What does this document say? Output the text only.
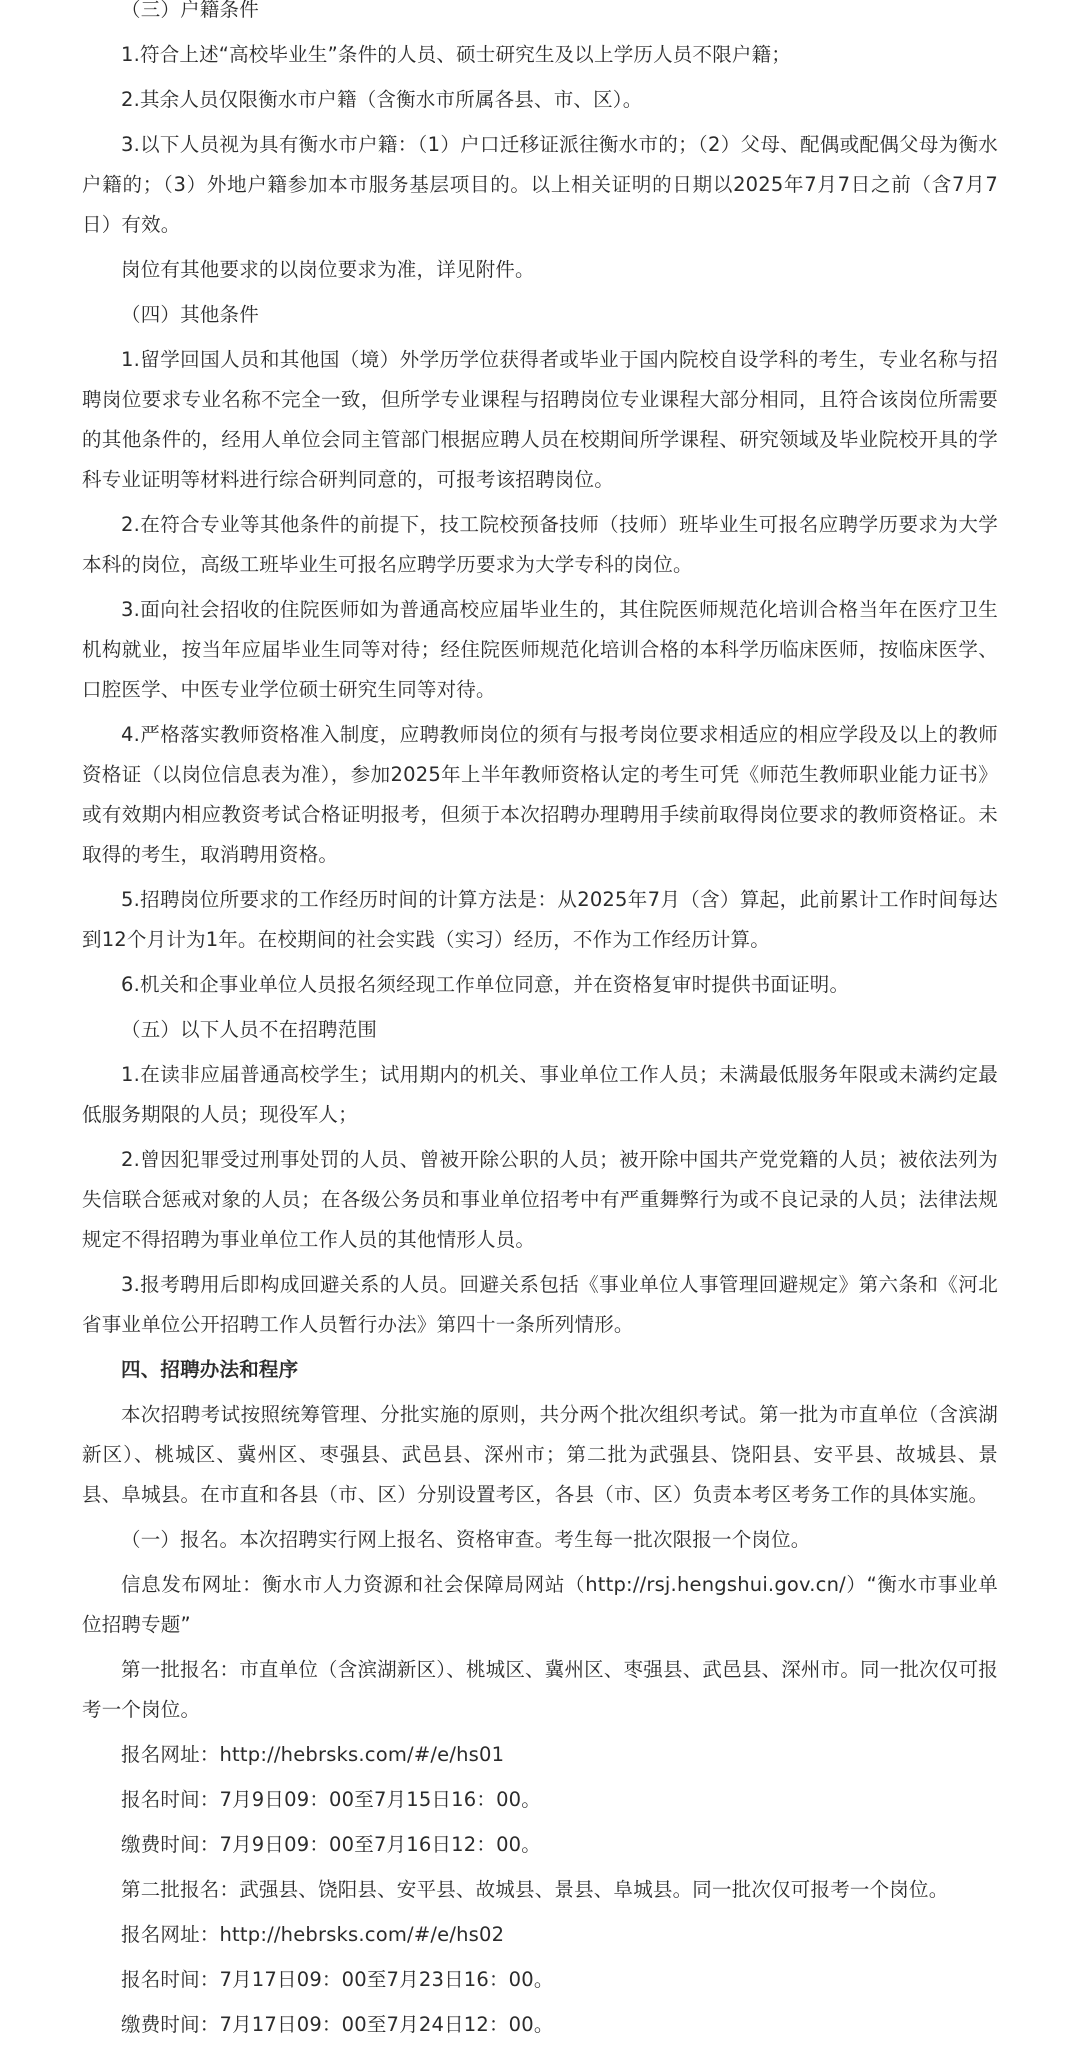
（三）户籍条件

1.符合上述“高校毕业生”条件的人员、硕士研究生及以上学历人员不限户籍；

2.其余人员仅限衡水市户籍（含衡水市所属各县、市、区）。

3.以下人员视为具有衡水市户籍：（1）户口迁移证派往衡水市的；（2）父母、配偶或配偶父母为衡水户籍的；（3）外地户籍参加本市服务基层项目的。以上相关证明的日期以2025年7月7日之前（含7月7日）有效。

岗位有其他要求的以岗位要求为准，详见附件。

（四）其他条件

1.留学回国人员和其他国（境）外学历学位获得者或毕业于国内院校自设学科的考生，专业名称与招聘岗位要求专业名称不完全一致，但所学专业课程与招聘岗位专业课程大部分相同，且符合该岗位所需要的其他条件的，经用人单位会同主管部门根据应聘人员在校期间所学课程、研究领域及毕业院校开具的学科专业证明等材料进行综合研判同意的，可报考该招聘岗位。

2.在符合专业等其他条件的前提下，技工院校预备技师（技师）班毕业生可报名应聘学历要求为大学本科的岗位，高级工班毕业生可报名应聘学历要求为大学专科的岗位。

3.面向社会招收的住院医师如为普通高校应届毕业生的，其住院医师规范化培训合格当年在医疗卫生机构就业，按当年应届毕业生同等对待；经住院医师规范化培训合格的本科学历临床医师，按临床医学、口腔医学、中医专业学位硕士研究生同等对待。

4.严格落实教师资格准入制度，应聘教师岗位的须有与报考岗位要求相适应的相应学段及以上的教师资格证（以岗位信息表为准），参加2025年上半年教师资格认定的考生可凭《师范生教师职业能力证书》或有效期内相应教资考试合格证明报考，但须于本次招聘办理聘用手续前取得岗位要求的教师资格证。未取得的考生，取消聘用资格。

5.招聘岗位所要求的工作经历时间的计算方法是：从2025年7月（含）算起，此前累计工作时间每达到12个月计为1年。在校期间的社会实践（实习）经历，不作为工作经历计算。

6.机关和企事业单位人员报名须经现工作单位同意，并在资格复审时提供书面证明。

（五）以下人员不在招聘范围

1.在读非应届普通高校学生；试用期内的机关、事业单位工作人员；未满最低服务年限或未满约定最低服务期限的人员；现役军人；

2.曾因犯罪受过刑事处罚的人员、曾被开除公职的人员；被开除中国共产党党籍的人员；被依法列为失信联合惩戒对象的人员；在各级公务员和事业单位招考中有严重舞弊行为或不良记录的人员；法律法规规定不得招聘为事业单位工作人员的其他情形人员。

3.报考聘用后即构成回避关系的人员。回避关系包括《事业单位人事管理回避规定》第六条和《河北省事业单位公开招聘工作人员暂行办法》第四十一条所列情形。

四、招聘办法和程序

本次招聘考试按照统筹管理、分批实施的原则，共分两个批次组织考试。第一批为市直单位（含滨湖新区）、桃城区、冀州区、枣强县、武邑县、深州市；第二批为武强县、饶阳县、安平县、故城县、景县、阜城县。在市直和各县（市、区）分别设置考区，各县（市、区）负责本考区考务工作的具体实施。

（一）报名。本次招聘实行网上报名、资格审查。考生每一批次限报一个岗位。

信息发布网址：衡水市人力资源和社会保障局网站（http://rsj.hengshui.gov.cn/）“衡水市事业单位招聘专题”

第一批报名：市直单位（含滨湖新区）、桃城区、冀州区、枣强县、武邑县、深州市。同一批次仅可报考一个岗位。

报名网址：http://hebrsks.com/#/e/hs01

报名时间：7月9日09：00至7月15日16：00。

缴费时间：7月9日09：00至7月16日12：00。

第二批报名：武强县、饶阳县、安平县、故城县、景县、阜城县。同一批次仅可报考一个岗位。

报名网址：http://hebrsks.com/#/e/hs02

报名时间：7月17日09：00至7月23日16：00。

缴费时间：7月17日09：00至7月24日12：00。
